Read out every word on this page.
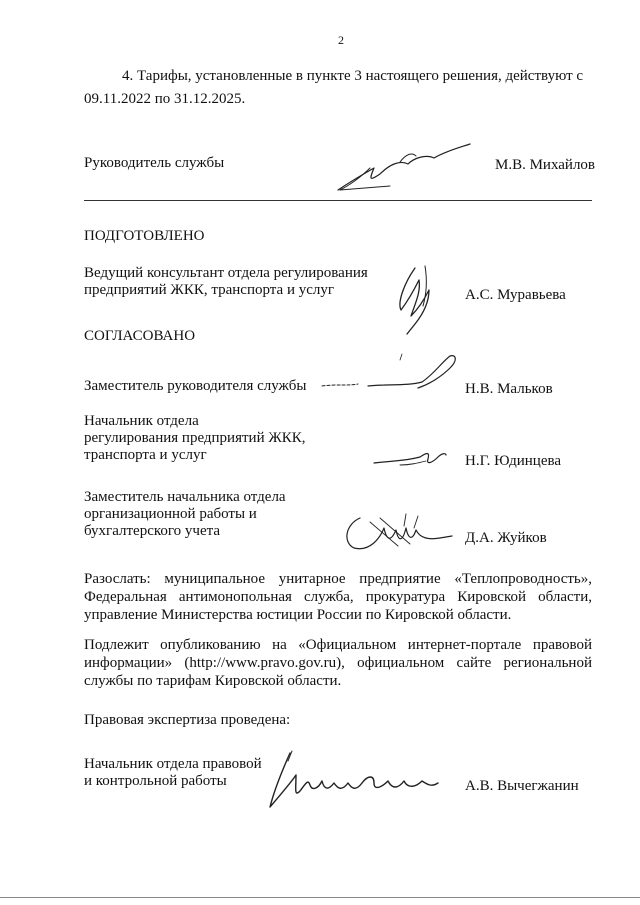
2
4. Тарифы, установленные в пункте 3 настоящего решения, действуют с
09.11.2022 по 31.12.2025.
Руководитель службы	М.В. Михайлов
ПОДГОТОВЛЕНО
Ведущий консультант отдела регулирования
предприятий ЖКК, транспорта и услуг	А.С. Муравьева
СОГЛАСОВАНО
Заместитель руководителя службы	Н.В. Мальков
Начальник отдела
регулирования предприятий ЖКК,
транспорта и услуг	Н.Г. Юдинцева
Заместитель начальника отдела
организационной работы и
бухгалтерского учета	Д.А. Жуйков
Разослать: муниципальное унитарное предприятие «Теплопроводность», Федеральная антимонопольная служба, прокуратура Кировской области, управление Министерства юстиции России по Кировской области.
Подлежит опубликованию на «Официальном интернет-портале правовой информации» (http://www.pravo.gov.ru), официальном сайте региональной службы по тарифам Кировской области.
Правовая экспертиза проведена:
Начальник отдела правовой
и контрольной работы	А.В. Вычегжанин
